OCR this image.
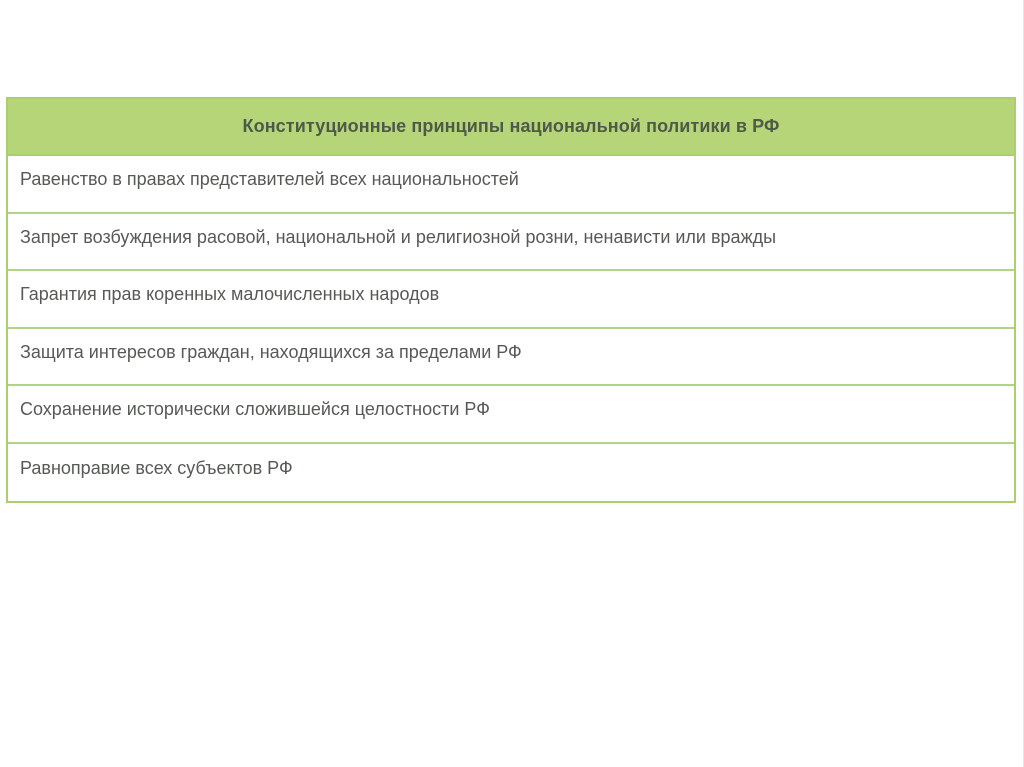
Конституционные принципы национальной политики в РФ
Равенство в правах представителей всех национальностей
Запрет возбуждения расовой, национальной и религиозной розни, ненависти или вражды
Гарантия прав коренных малочисленных народов
Защита интересов граждан, находящихся за пределами РФ
Сохранение исторически сложившейся целостности РФ
Равноправие всех субъектов РФ
